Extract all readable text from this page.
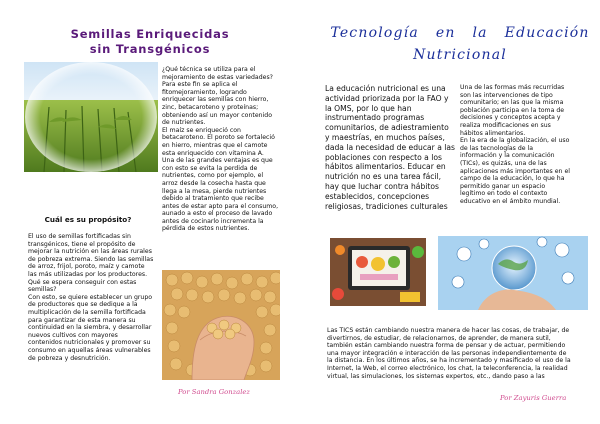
Semillas Enriquecidas
sin Transgénicos

¿Qué técnica se utiliza para el
mejoramiento de estas variedades?
Para este fin se aplica el
fitomejoramiento, logrando
enriquecer las semillas con hierro,
zinc, betacaroteno y proteínas;
obteniendo así un mayor contenido
de nutrientes.
El maíz se enriqueció con
betacaroteno. El poroto se fortaleció
en hierro, mientras que el camote
esta enriquecido con vitamina A.
Una de las grandes ventajas es que
con esto se evita la perdida de
nutrientes, como por ejemplo, el
arroz desde la cosecha hasta que
llega a la mesa, pierde nutrientes
debido al tratamiento que recibe
antes de estar apto para el consumo,
aunado a esto el proceso de lavado
antes de cocinarlo incrementa la
pérdida de estos nutrientes.

Cuál es su propósito?

El uso de semillas fortificadas sin
transgénicos, tiene el propósito de
mejorar la nutrición en las áreas rurales
de pobreza extrema. Siendo las semillas
de arroz, frijol, poroto, maíz y camote
las más utilizadas por los productores.
Qué se espera conseguir con estas
semillas?
Con esto, se quiere establecer un grupo
de productores que se dedique a la
multiplicación de la semilla fortificada
para garantizar de esta manera su
continuidad en la siembra, y desarrollar
nuevos cultivos con mayores
contenidos nutricionales y promover su
consumo en aquellas áreas vulnerables
de pobreza y desnutrición.

Por Sandra Gonzalez
Tecnología   en   la   Educación
Nutricional

La educación nutricional es una
actividad priorizada por la FAO y
la OMS, por lo que han
instrumentado programas
comunitarios, de adiestramiento
y maestrías, en muchos países,
dada la necesidad de educar a las
poblaciones con respecto a los
hábitos alimentarios. Educar en
nutrición no es una tarea fácil,
hay que luchar contra hábitos
establecidos, concepciones
religiosas, tradiciones culturales

Una de las formas más recurridas
son las intervenciones de tipo
comunitario; en las que la misma
población participa en la toma de
decisiones y conceptos acepta y
realiza modificaciones en sus
hábitos alimentarios.
En la era de la globalización, el uso
de las tecnologías de la
información y la comunicación
(TICs), es quizás, una de las
aplicaciones más importantes en el
campo de la educación, lo que ha
permitido ganar un espacio
legítimo en todo el contexto
educativo en el ámbito mundial.

Las TICS están cambiando nuestra manera de hacer las cosas, de trabajar, de
divertirnos, de estudiar, de relacionarnos, de aprender, de manera sutil,
también están cambiando nuestra forma de pensar y de actuar, permitiendo
una mayor integración e interacción de las personas independientemente de
la distancia. En los últimos años, se ha incrementado y masificado el uso de la
Internet, la Web, el correo electrónico, los chat, la teleconferencia, la realidad
virtual, las simulaciones, los sistemas expertos, etc., dando paso a las

Por Zayuris Guerra
